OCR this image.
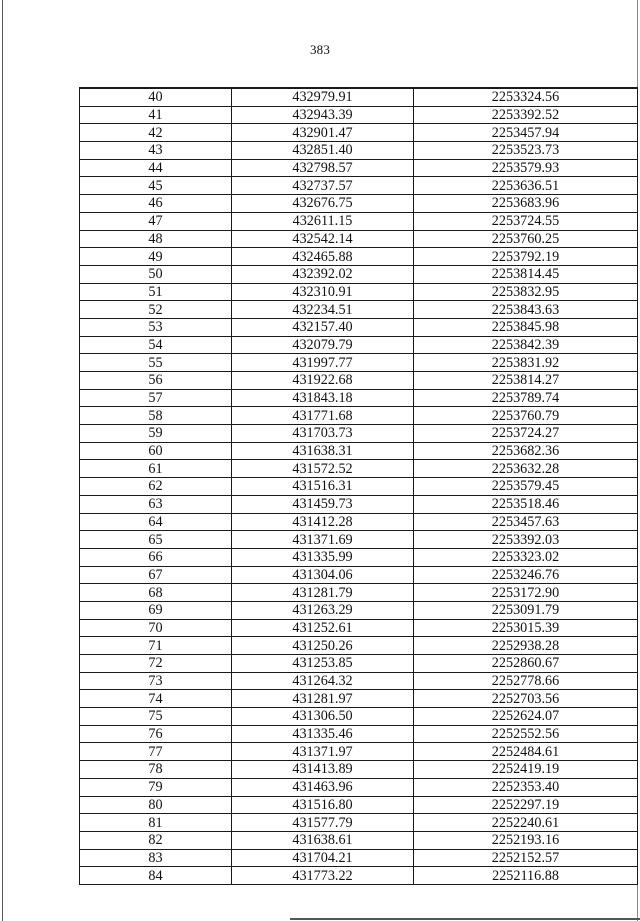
383
40	432979.91	2253324.56
41	432943.39	2253392.52
42	432901.47	2253457.94
43	432851.40	2253523.73
44	432798.57	2253579.93
45	432737.57	2253636.51
46	432676.75	2253683.96
47	432611.15	2253724.55
48	432542.14	2253760.25
49	432465.88	2253792.19
50	432392.02	2253814.45
51	432310.91	2253832.95
52	432234.51	2253843.63
53	432157.40	2253845.98
54	432079.79	2253842.39
55	431997.77	2253831.92
56	431922.68	2253814.27
57	431843.18	2253789.74
58	431771.68	2253760.79
59	431703.73	2253724.27
60	431638.31	2253682.36
61	431572.52	2253632.28
62	431516.31	2253579.45
63	431459.73	2253518.46
64	431412.28	2253457.63
65	431371.69	2253392.03
66	431335.99	2253323.02
67	431304.06	2253246.76
68	431281.79	2253172.90
69	431263.29	2253091.79
70	431252.61	2253015.39
71	431250.26	2252938.28
72	431253.85	2252860.67
73	431264.32	2252778.66
74	431281.97	2252703.56
75	431306.50	2252624.07
76	431335.46	2252552.56
77	431371.97	2252484.61
78	431413.89	2252419.19
79	431463.96	2252353.40
80	431516.80	2252297.19
81	431577.79	2252240.61
82	431638.61	2252193.16
83	431704.21	2252152.57
84	431773.22	2252116.88
